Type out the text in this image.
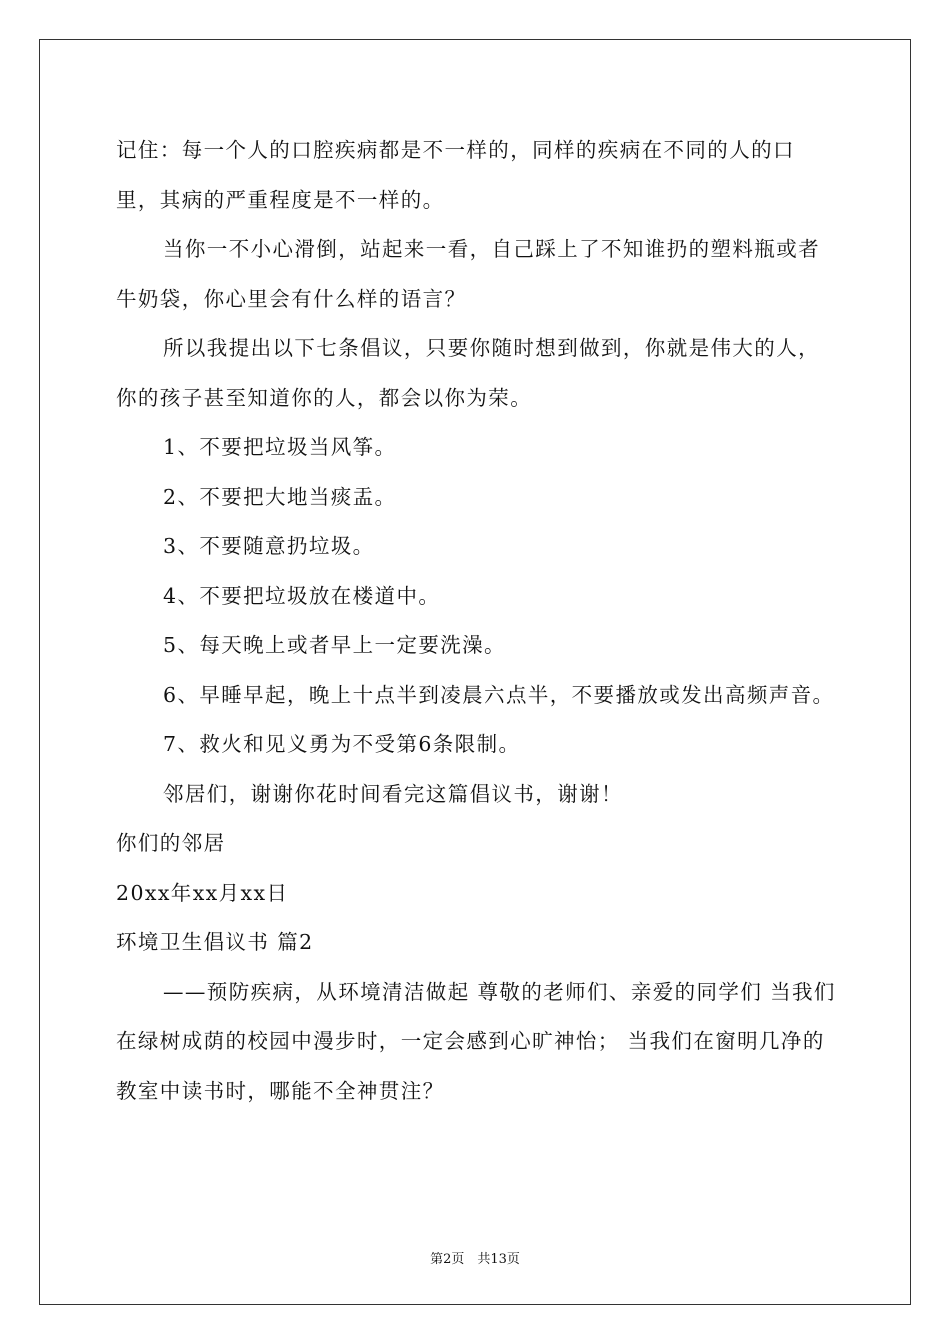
记住：每一个人的口腔疾病都是不一样的，同样的疾病在不同的人的口里，其病的严重程度是不一样的。

当你一不小心滑倒，站起来一看，自己踩上了不知谁扔的塑料瓶或者牛奶袋，你心里会有什么样的语言？

所以我提出以下七条倡议，只要你随时想到做到，你就是伟大的人，你的孩子甚至知道你的人，都会以你为荣。

1、不要把垃圾当风筝。

2、不要把大地当痰盂。

3、不要随意扔垃圾。

4、不要把垃圾放在楼道中。

5、每天晚上或者早上一定要洗澡。

6、早睡早起，晚上十点半到凌晨六点半，不要播放或发出高频声音。

7、救火和见义勇为不受第6条限制。

邻居们，谢谢你花时间看完这篇倡议书，谢谢！

你们的邻居

20xx年xx月xx日

环境卫生倡议书 篇2

——预防疾病，从环境清洁做起 尊敬的老师们、亲爱的同学们 当我们在绿树成荫的校园中漫步时，一定会感到心旷神怡； 当我们在窗明几净的教室中读书时，哪能不全神贯注？

第2页　共13页
